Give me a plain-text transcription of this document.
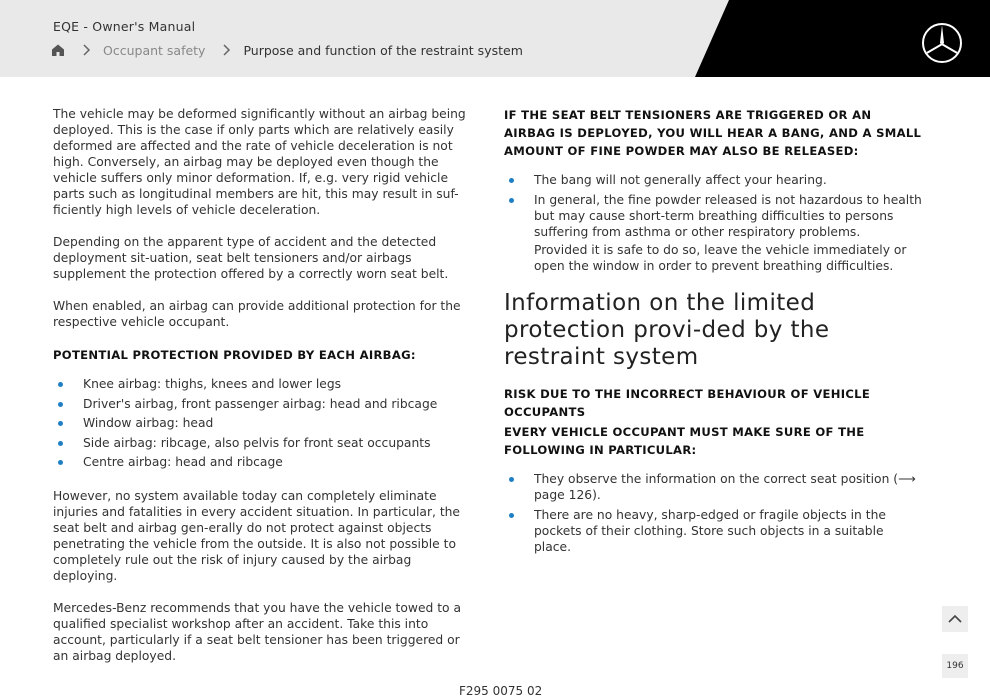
EQE - Owner's Manual
Occupant safety	Purpose and function of the restraint system

The vehicle may be deformed significantly without an airbag being deployed. This is the case if only parts which are relatively easily deformed are affected and the rate of vehicle deceleration is not high. Conversely, an airbag may be deployed even though the vehicle suffers only minor deformation. If, e.g. very rigid vehicle parts such as longitudinal members are hit, this may result in suf-ficiently high levels of vehicle deceleration.

Depending on the apparent type of accident and the detected deployment sit-uation, seat belt tensioners and/or airbags supplement the protection offered by a correctly worn seat belt.

When enabled, an airbag can provide additional protection for the respective vehicle occupant.

POTENTIAL PROTECTION PROVIDED BY EACH AIRBAG:
Knee airbag: thighs, knees and lower legs
Driver's airbag, front passenger airbag: head and ribcage
Window airbag: head
Side airbag: ribcage, also pelvis for front seat occupants
Centre airbag: head and ribcage

However, no system available today can completely eliminate injuries and fatalities in every accident situation. In particular, the seat belt and airbag gen-erally do not protect against objects penetrating the vehicle from the outside. It is also not possible to completely rule out the risk of injury caused by the airbag deploying.

Mercedes-Benz recommends that you have the vehicle towed to a qualified specialist workshop after an accident. Take this into account, particularly if a seat belt tensioner has been triggered or an airbag deployed.

IF THE SEAT BELT TENSIONERS ARE TRIGGERED OR AN AIRBAG IS DEPLOYED, YOU WILL HEAR A BANG, AND A SMALL AMOUNT OF FINE POWDER MAY ALSO BE RELEASED:
The bang will not generally affect your hearing.
In general, the fine powder released is not hazardous to health but may cause short-term breathing difficulties to persons suffering from asthma or other respiratory problems.
Provided it is safe to do so, leave the vehicle immediately or open the window in order to prevent breathing difficulties.
Information on the limited protection provi-ded by the restraint system
RISK DUE TO THE INCORRECT BEHAVIOUR OF VEHICLE OCCUPANTS
EVERY VEHICLE OCCUPANT MUST MAKE SURE OF THE FOLLOWING IN PARTICULAR:
They observe the information on the correct seat position (⟶ page 126).
There are no heavy, sharp-edged or fragile objects in the pockets of their clothing. Store such objects in a suitable place.
196
F295 0075 02
